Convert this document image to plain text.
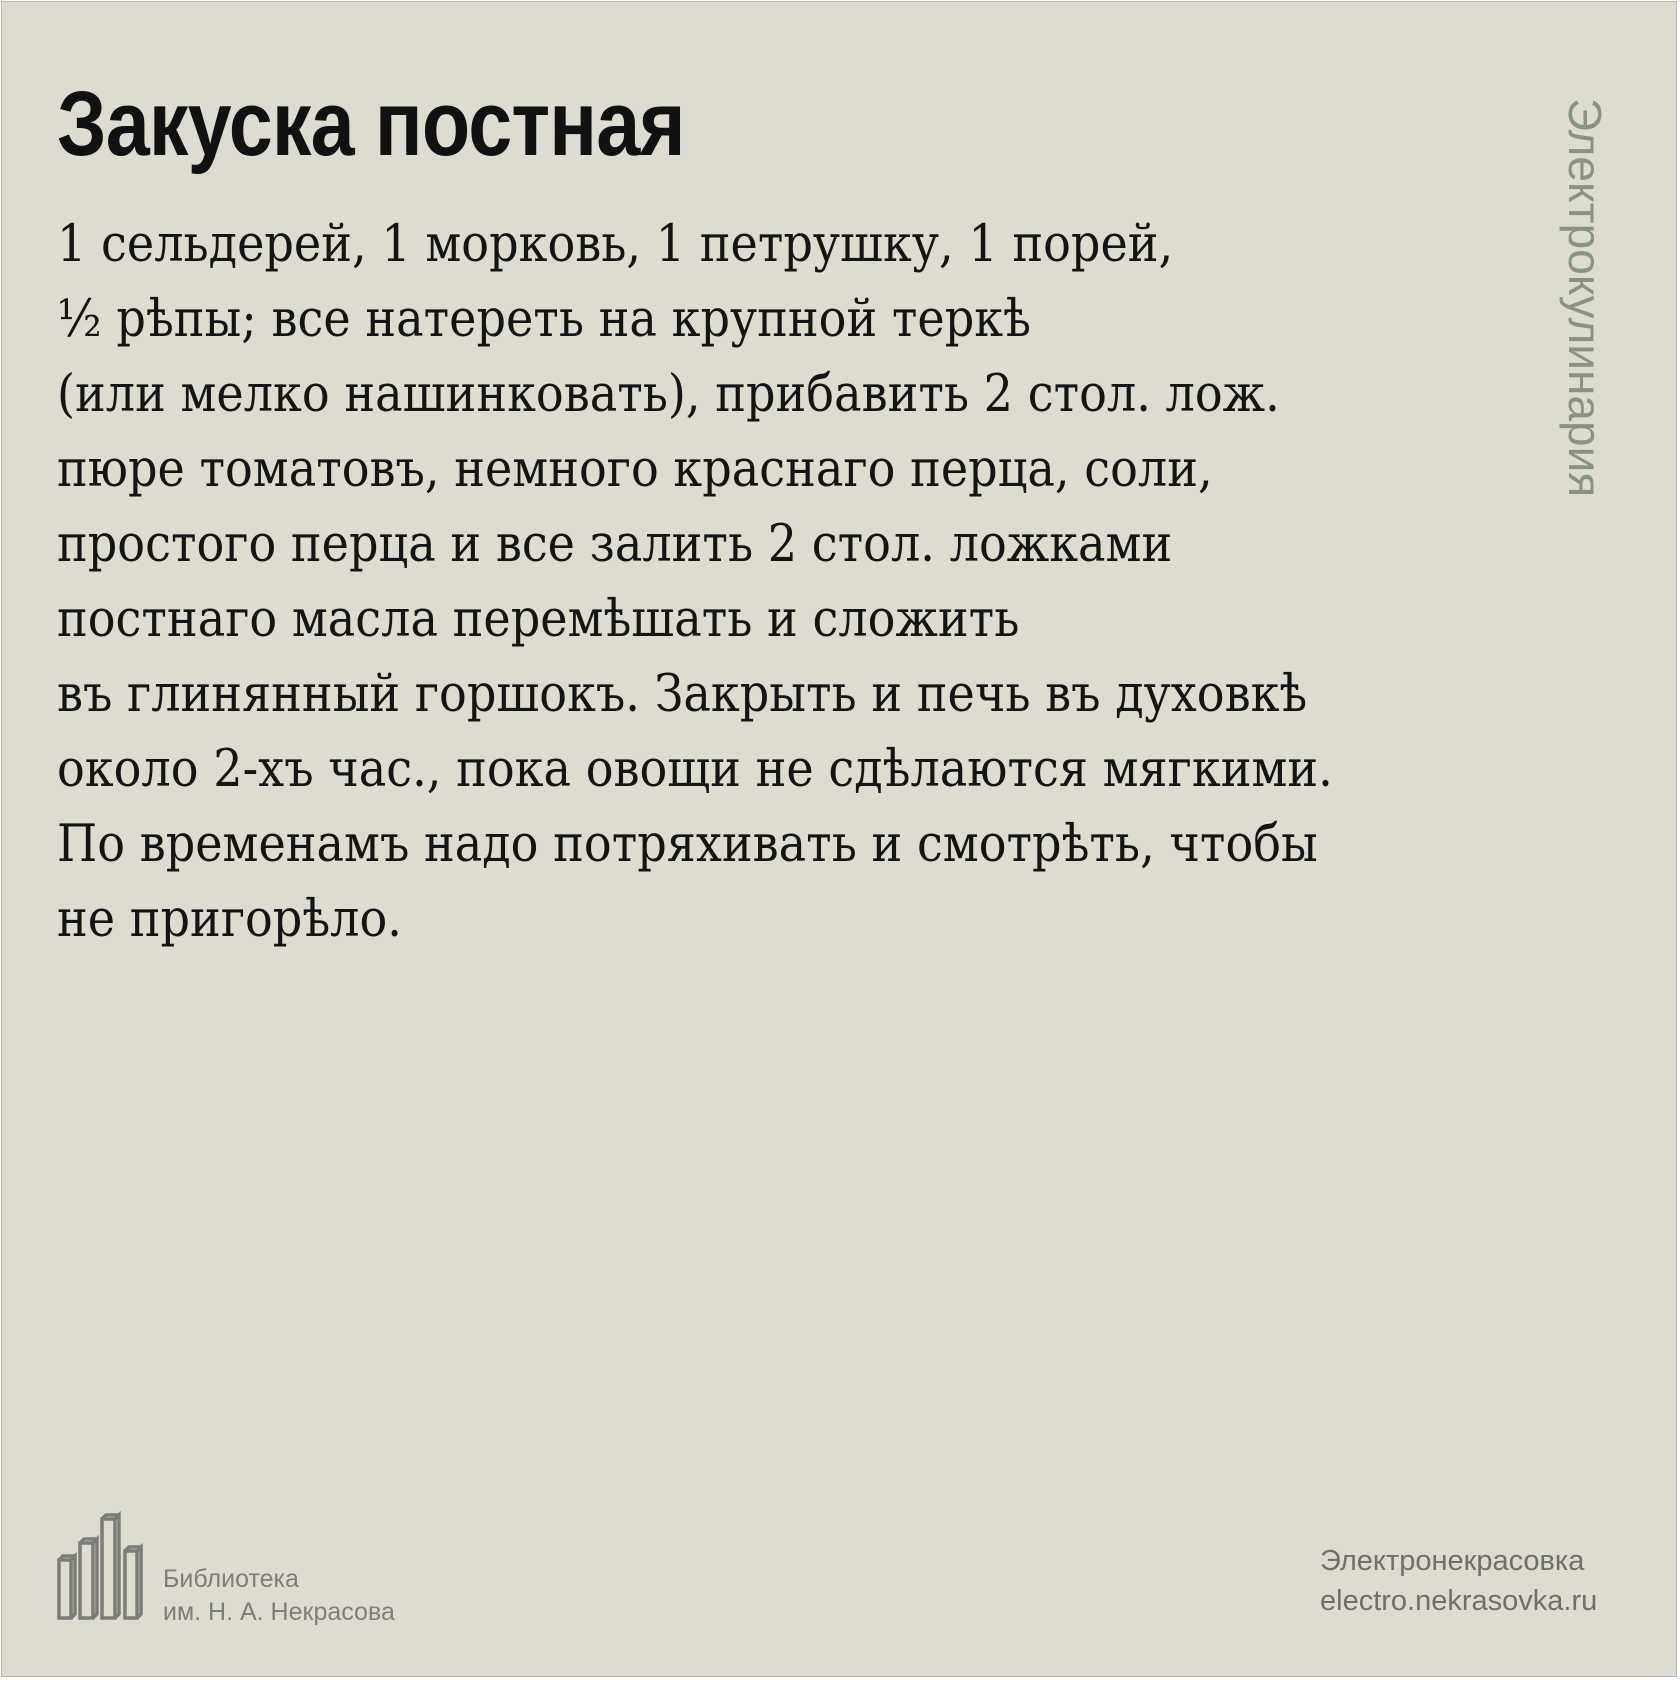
Закуска постная
1 сельдерей, 1 морковь, 1 петрушку, 1 порей,
½ рѣпы; все натереть на крупной теркѣ
(или мелко нашинковать), прибавить 2 стол. лож.
пюре томатовъ, немного краснаго перца, соли,
простого перца и все залить 2 стол. ложками
постнаго масла перемѣшать и сложить
въ глинянный горшокъ. Закрыть и печь въ духовкѣ
около 2-хъ час., пока овощи не сдѣлаются мягкими.
По временамъ надо потряхивать и смотрѣть, чтобы
не пригорѣло.
Электрокулинария
Библиотека
им. Н. А. Некрасова
Электронекрасовка
electro.nekrasovka.ru
